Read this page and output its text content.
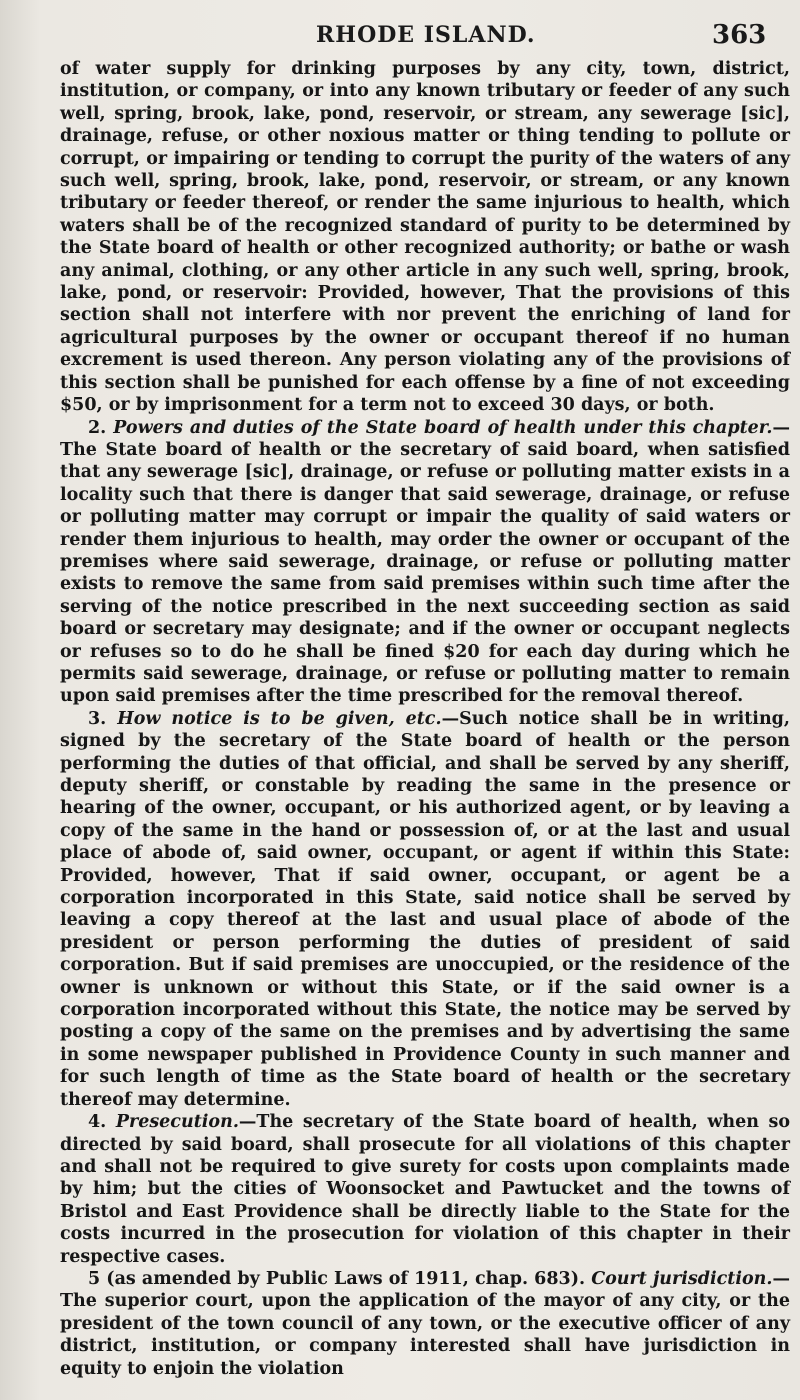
RHODE ISLAND.	363

of water supply for drinking purposes by any city, town, district, institution, or company, or into any known tributary or feeder of any such well, spring, brook, lake, pond, reservoir, or stream, any sewerage [sic], drainage, refuse, or other noxious matter or thing tending to pollute or corrupt, or impairing or tending to corrupt the purity of the waters of any such well, spring, brook, lake, pond, reservoir, or stream, or any known tributary or feeder thereof, or render the same injurious to health, which waters shall be of the recognized standard of purity to be determined by the State board of health or other recognized authority; or bathe or wash any animal, clothing, or any other article in any such well, spring, brook, lake, pond, or reservoir: Provided, however, That the provisions of this section shall not interfere with nor prevent the enriching of land for agricultural purposes by the owner or occupant thereof if no human excrement is used thereon. Any person violating any of the provisions of this section shall be punished for each offense by a fine of not exceeding $50, or by imprisonment for a term not to exceed 30 days, or both.

2. Powers and duties of the State board of health under this chapter.—The State board of health or the secretary of said board, when satisfied that any sewerage [sic], drainage, or refuse or polluting matter exists in a locality such that there is danger that said sewerage, drainage, or refuse or polluting matter may corrupt or impair the quality of said waters or render them injurious to health, may order the owner or occupant of the premises where said sewerage, drainage, or refuse or polluting matter exists to remove the same from said premises within such time after the serving of the notice prescribed in the next succeeding section as said board or secretary may designate; and if the owner or occupant neglects or refuses so to do he shall be fined $20 for each day during which he permits said sewerage, drainage, or refuse or polluting matter to remain upon said premises after the time prescribed for the removal thereof.

3. How notice is to be given, etc.—Such notice shall be in writing, signed by the secretary of the State board of health or the person performing the duties of that official, and shall be served by any sheriff, deputy sheriff, or constable by reading the same in the presence or hearing of the owner, occupant, or his authorized agent, or by leaving a copy of the same in the hand or possession of, or at the last and usual place of abode of, said owner, occupant, or agent if within this State: Provided, however, That if said owner, occupant, or agent be a corporation incorporated in this State, said notice shall be served by leaving a copy thereof at the last and usual place of abode of the president or person performing the duties of president of said corporation. But if said premises are unoccupied, or the residence of the owner is unknown or without this State, or if the said owner is a corporation incorporated without this State, the notice may be served by posting a copy of the same on the premises and by advertising the same in some newspaper published in Providence County in such manner and for such length of time as the State board of health or the secretary thereof may determine.

4. Presecution.—The secretary of the State board of health, when so directed by said board, shall prosecute for all violations of this chapter and shall not be required to give surety for costs upon complaints made by him; but the cities of Woonsocket and Pawtucket and the towns of Bristol and East Providence shall be directly liable to the State for the costs incurred in the prosecution for violation of this chapter in their respective cases.

5 (as amended by Public Laws of 1911, chap. 683). Court jurisdiction.—The superior court, upon the application of the mayor of any city, or the president of the town council of any town, or the executive officer of any district, institution, or company interested shall have jurisdiction in equity to enjoin the violation
